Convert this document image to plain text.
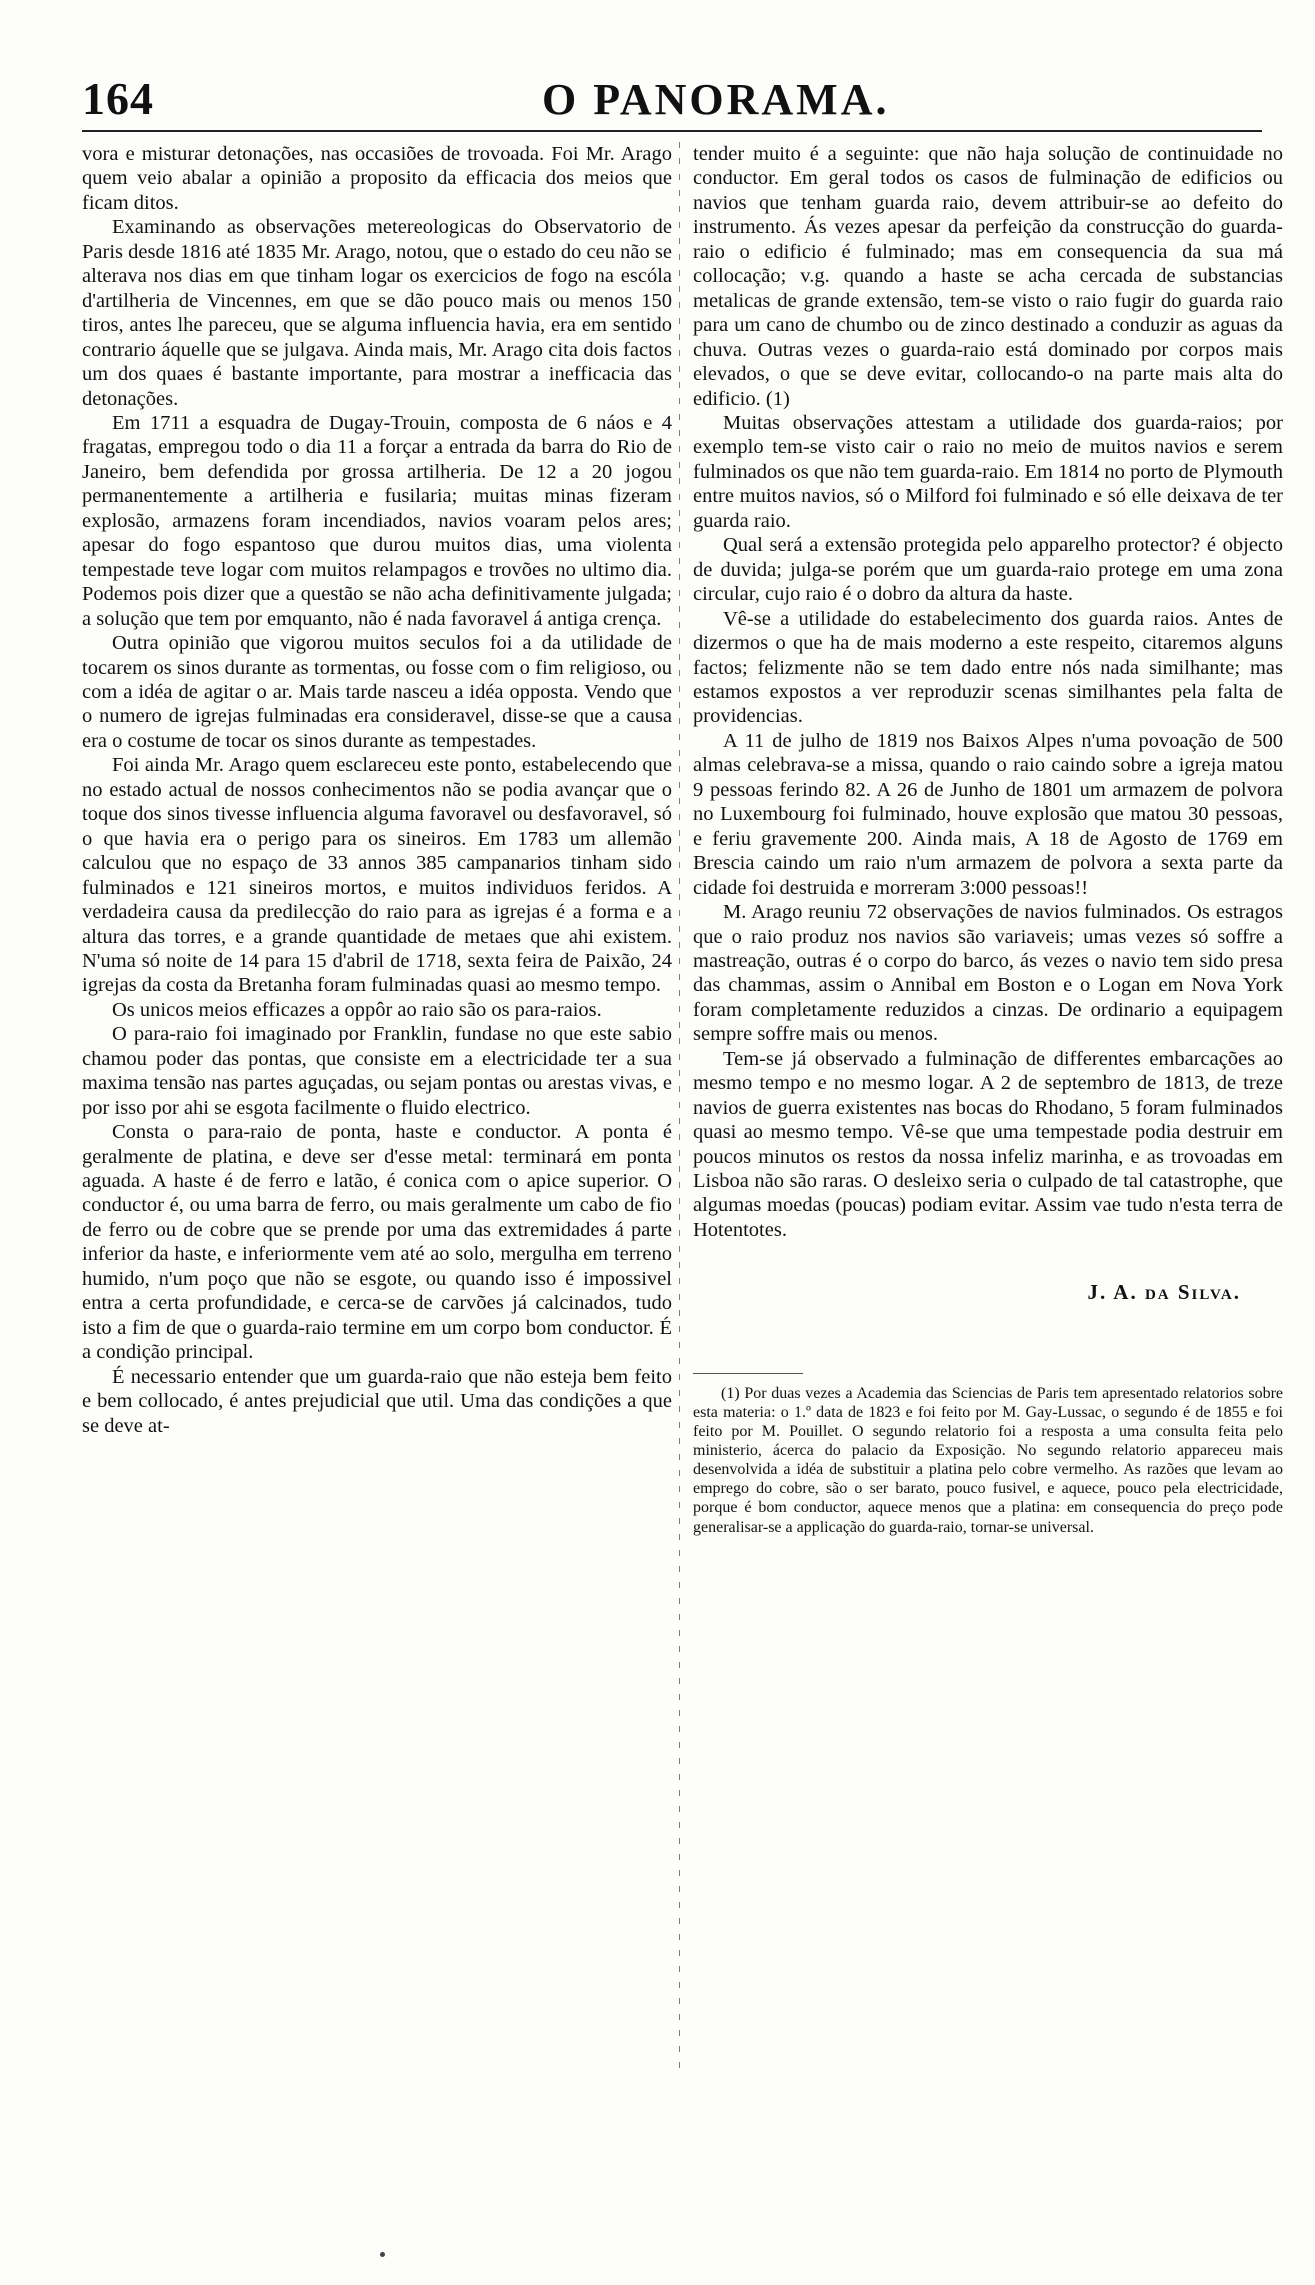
164	O PANORAMA.

vora e misturar detonações, nas occasiões de trovoada. Foi Mr. Arago quem veio abalar a opinião a proposito da efficacia dos meios que ficam ditos.

Examinando as observações metereologicas do Observatorio de Paris desde 1816 até 1835 Mr. Arago, notou, que o estado do ceu não se alterava nos dias em que tinham logar os exercicios de fogo na escóla d'artilheria de Vincennes, em que se dão pouco mais ou menos 150 tiros, antes lhe pareceu, que se alguma influencia havia, era em sentido contrario áquelle que se julgava. Ainda mais, Mr. Arago cita dois factos um dos quaes é bastante importante, para mostrar a inefficacia das detonações.

Em 1711 a esquadra de Dugay-Trouin, composta de 6 náos e 4 fragatas, empregou todo o dia 11 a forçar a entrada da barra do Rio de Janeiro, bem defendida por grossa artilheria. De 12 a 20 jogou permanentemente a artilheria e fusilaria; muitas minas fizeram explosão, armazens foram incendiados, navios voaram pelos ares; apesar do fogo espantoso que durou muitos dias, uma violenta tempestade teve logar com muitos relampagos e trovões no ultimo dia. Podemos pois dizer que a questão se não acha definitivamente julgada; a solução que tem por emquanto, não é nada favoravel á antiga crença.

Outra opinião que vigorou muitos seculos foi a da utilidade de tocarem os sinos durante as tormentas, ou fosse com o fim religioso, ou com a idéa de agitar o ar. Mais tarde nasceu a idéa opposta. Vendo que o numero de igrejas fulminadas era consideravel, disse-se que a causa era o costume de tocar os sinos durante as tempestades.

Foi ainda Mr. Arago quem esclareceu este ponto, estabelecendo que no estado actual de nossos conhecimentos não se podia avançar que o toque dos sinos tivesse influencia alguma favoravel ou desfavoravel, só o que havia era o perigo para os sineiros. Em 1783 um allemão calculou que no espaço de 33 annos 385 campanarios tinham sido fulminados e 121 sineiros mortos, e muitos individuos feridos. A verdadeira causa da predilecção do raio para as igrejas é a forma e a altura das torres, e a grande quantidade de metaes que ahi existem. N'uma só noite de 14 para 15 d'abril de 1718, sexta feira de Paixão, 24 igrejas da costa da Bretanha foram fulminadas quasi ao mesmo tempo.

Os unicos meios efficazes a oppôr ao raio são os para-raios.

O para-raio foi imaginado por Franklin, fundase no que este sabio chamou poder das pontas, que consiste em a electricidade ter a sua maxima tensão nas partes aguçadas, ou sejam pontas ou arestas vivas, e por isso por ahi se esgota facilmente o fluido electrico.

Consta o para-raio de ponta, haste e conductor. A ponta é geralmente de platina, e deve ser d'esse metal: terminará em ponta aguada. A haste é de ferro e latão, é conica com o apice superior. O conductor é, ou uma barra de ferro, ou mais geralmente um cabo de fio de ferro ou de cobre que se prende por uma das extremidades á parte inferior da haste, e inferiormente vem até ao solo, mergulha em terreno humido, n'um poço que não se esgote, ou quando isso é impossivel entra a certa profundidade, e cerca-se de carvões já calcinados, tudo isto a fim de que o guarda-raio termine em um corpo bom conductor. É a condição principal.

É necessario entender que um guarda-raio que não esteja bem feito e bem collocado, é antes prejudicial que util. Uma das condições a que se deve at-

tender muito é a seguinte: que não haja solução de continuidade no conductor. Em geral todos os casos de fulminação de edificios ou navios que tenham guarda raio, devem attribuir-se ao defeito do instrumento. Ás vezes apesar da perfeição da construcção do guarda-raio o edificio é fulminado; mas em consequencia da sua má collocação; v.g. quando a haste se acha cercada de substancias metalicas de grande extensão, tem-se visto o raio fugir do guarda raio para um cano de chumbo ou de zinco destinado a conduzir as aguas da chuva. Outras vezes o guarda-raio está dominado por corpos mais elevados, o que se deve evitar, collocando-o na parte mais alta do edificio. (1)

Muitas observações attestam a utilidade dos guarda-raios; por exemplo tem-se visto cair o raio no meio de muitos navios e serem fulminados os que não tem guarda-raio. Em 1814 no porto de Plymouth entre muitos navios, só o Milford foi fulminado e só elle deixava de ter guarda raio.

Qual será a extensão protegida pelo apparelho protector? é objecto de duvida; julga-se porém que um guarda-raio protege em uma zona circular, cujo raio é o dobro da altura da haste.

Vê-se a utilidade do estabelecimento dos guarda raios. Antes de dizermos o que ha de mais moderno a este respeito, citaremos alguns factos; felizmente não se tem dado entre nós nada similhante; mas estamos expostos a ver reproduzir scenas similhantes pela falta de providencias.

A 11 de julho de 1819 nos Baixos Alpes n'uma povoação de 500 almas celebrava-se a missa, quando o raio caindo sobre a igreja matou 9 pessoas ferindo 82. A 26 de Junho de 1801 um armazem de polvora no Luxembourg foi fulminado, houve explosão que matou 30 pessoas, e feriu gravemente 200. Ainda mais, A 18 de Agosto de 1769 em Brescia caindo um raio n'um armazem de polvora a sexta parte da cidade foi destruida e morreram 3:000 pessoas!!

M. Arago reuniu 72 observações de navios fulminados. Os estragos que o raio produz nos navios são variaveis; umas vezes só soffre a mastreação, outras é o corpo do barco, ás vezes o navio tem sido presa das chammas, assim o Annibal em Boston e o Logan em Nova York foram completamente reduzidos a cinzas. De ordinario a equipagem sempre soffre mais ou menos.

Tem-se já observado a fulminação de differentes embarcações ao mesmo tempo e no mesmo logar. A 2 de septembro de 1813, de treze navios de guerra existentes nas bocas do Rhodano, 5 foram fulminados quasi ao mesmo tempo. Vê-se que uma tempestade podia destruir em poucos minutos os restos da nossa infeliz marinha, e as trovoadas em Lisboa não são raras. O desleixo seria o culpado de tal catastrophe, que algumas moedas (poucas) podiam evitar. Assim vae tudo n'esta terra de Hotentotes.

J. A. da Silva.

(1) Por duas vezes a Academia das Sciencias de Paris tem apresentado relatorios sobre esta materia: o 1.º data de 1823 e foi feito por M. Gay-Lussac, o segundo é de 1855 e foi feito por M. Pouillet. O segundo relatorio foi a resposta a uma consulta feita pelo ministerio, ácerca do palacio da Exposição. No segundo relatorio appareceu mais desenvolvida a idéa de substituir a platina pelo cobre vermelho. As razões que levam ao emprego do cobre, são o ser barato, pouco fusivel, e aquece, pouco pela electricidade, porque é bom conductor, aquece menos que a platina: em consequencia do preço pode generalisar-se a applicação do guarda-raio, tornar-se universal.
